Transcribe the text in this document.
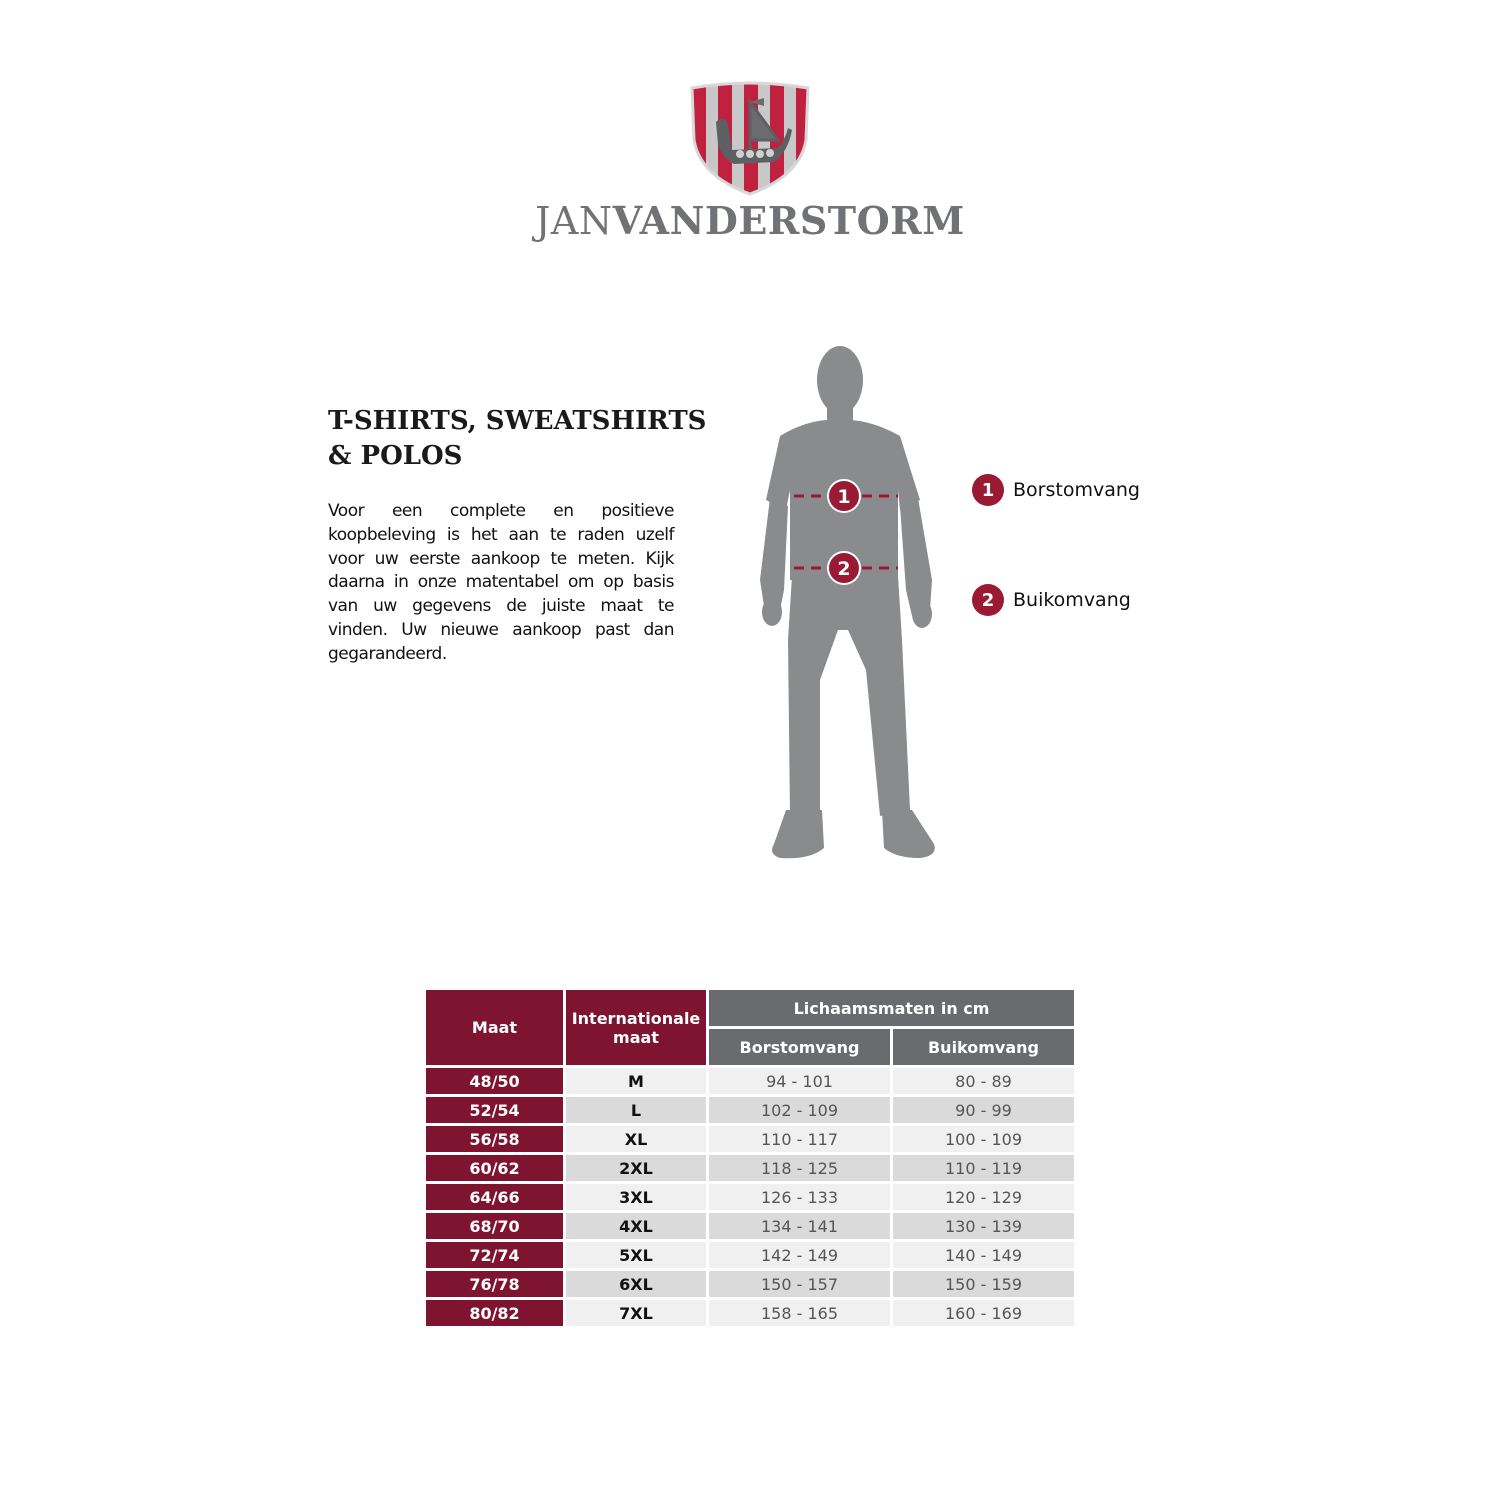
JANVANDERSTORM
T-SHIRTS, SWEATSHIRTS
& POLOS
Voor een complete en positieve koopbeleving is het aan te raden uzelf voor uw eerste aankoop te meten. Kijk daarna in onze matentabel om op basis van uw gegevens de juiste maat te vinden. Uw nieuwe aankoop past dan gegarandeerd.
1
2
1 Borstomvang
2 Buikomvang
Maat	Internationale maat	Lichaamsmaten in cm	
		Borstomvang	Buikomvang
48/50	M	94 - 101	80 - 89
52/54	L	102 - 109	90 - 99
56/58	XL	110 - 117	100 - 109
60/62	2XL	118 - 125	110 - 119
64/66	3XL	126 - 133	120 - 129
68/70	4XL	134 - 141	130 - 139
72/74	5XL	142 - 149	140 - 149
76/78	6XL	150 - 157	150 - 159
80/82	7XL	158 - 165	160 - 169
